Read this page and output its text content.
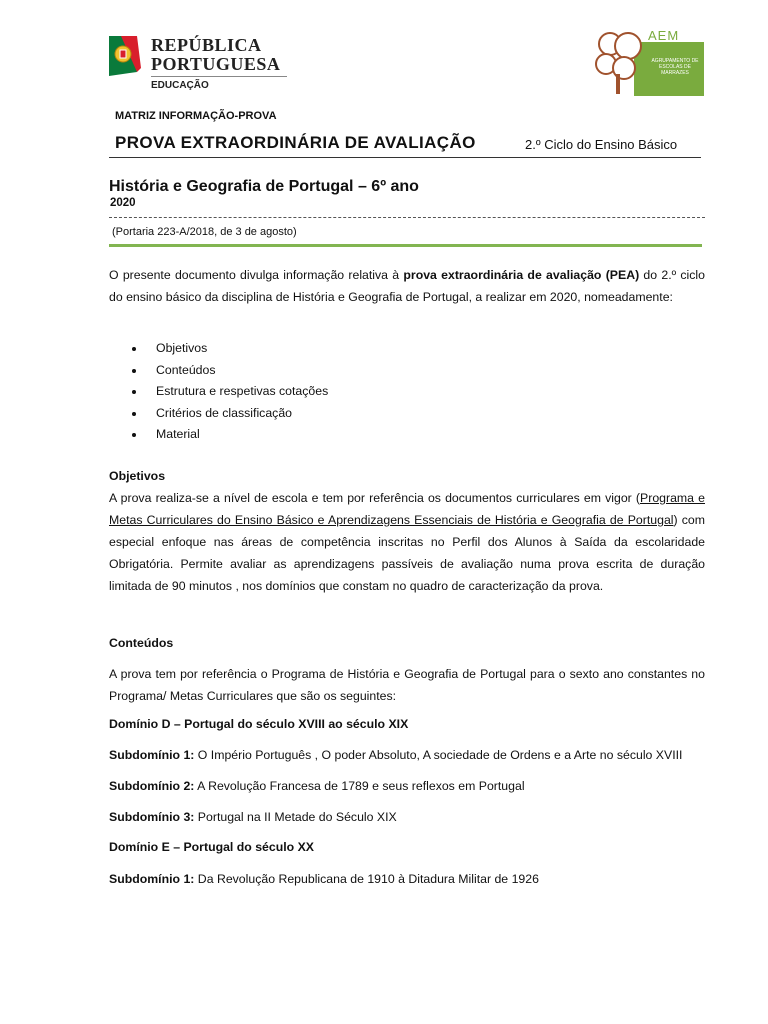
REPÚBLICA
PORTUGUESA
EDUCAÇÃO
AEM
AGRUPAMENTO DE ESCOLAS DE MARRAZES
MATRIZ INFORMAÇÃO-PROVA
PROVA EXTRAORDINÁRIA DE AVALIAÇÃO	2.º Ciclo do Ensino Básico
História e Geografia de Portugal – 6º ano
2020
(Portaria 223-A/2018, de 3 de agosto)

O presente documento divulga informação relativa à prova extraordinária de avaliação (PEA) do 2.º ciclo do ensino básico da disciplina de História e Geografia de Portugal, a realizar em 2020, nomeadamente:

Objetivos
Conteúdos
Estrutura e respetivas cotações
Critérios de classificação
Material
Objetivos

A prova realiza-se a nível de escola e tem por referência os documentos curriculares em vigor (Programa e Metas Curriculares do Ensino Básico e Aprendizagens Essenciais de História e Geografia de Portugal) com especial enfoque nas áreas de competência inscritas no Perfil dos Alunos à Saída da escolaridade Obrigatória. Permite avaliar as aprendizagens passíveis de avaliação numa prova escrita de duração limitada de 90 minutos , nos domínios que constam no quadro de caracterização da prova.

Conteúdos

A prova tem por referência o Programa de História e Geografia de Portugal para o sexto ano constantes no Programa/ Metas Curriculares que são os seguintes:

Domínio D – Portugal do século XVIII ao século XIX
Subdomínio 1: O Império Português , O poder Absoluto, A sociedade de Ordens e a Arte no século XVIII
Subdomínio 2: A Revolução Francesa de 1789 e seus reflexos em Portugal
Subdomínio 3: Portugal na II Metade do Século XIX
Domínio E – Portugal do século XX
Subdomínio 1: Da Revolução Republicana de 1910 à Ditadura Militar de 1926
